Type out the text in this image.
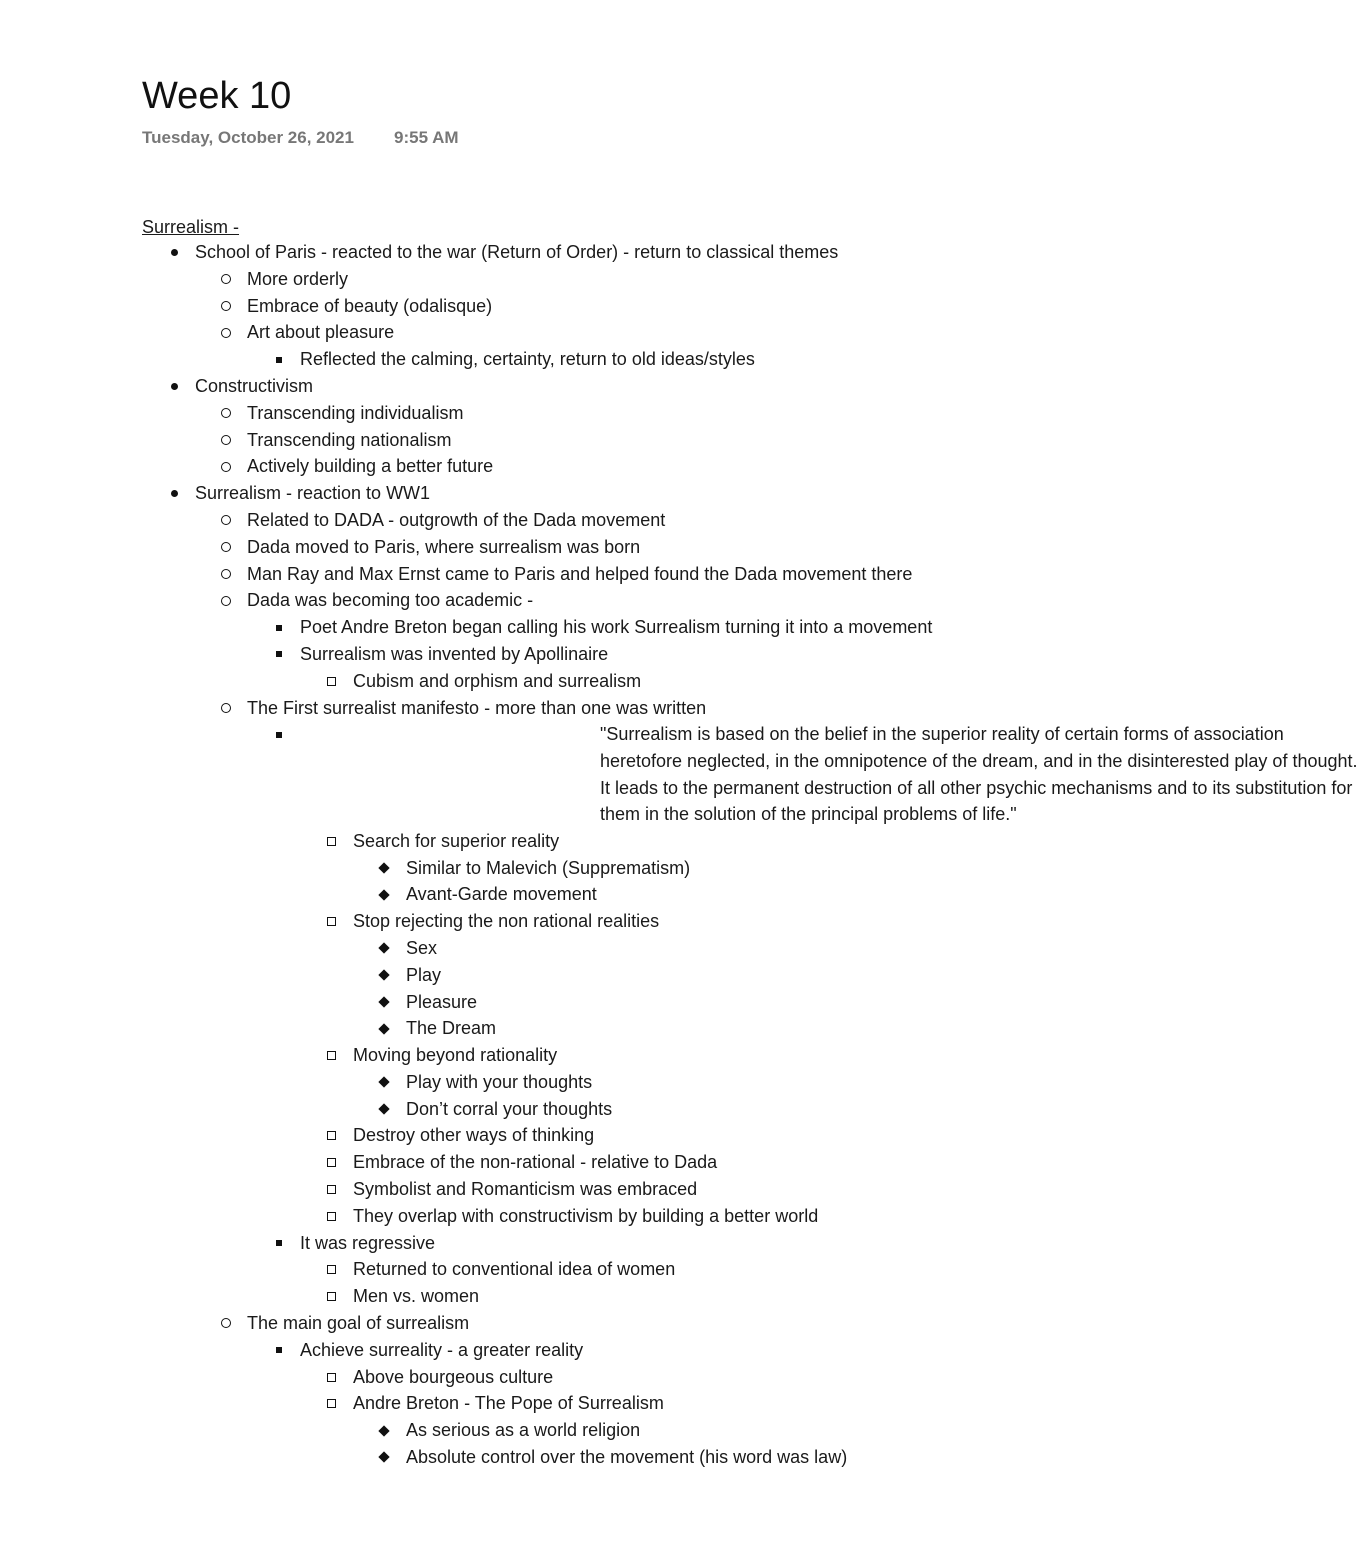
Week 10
Tuesday, October 26, 2021 9:55 AM
Surrealism -
School of Paris - reacted to the war (Return of Order) - return to classical themes
More orderly
Embrace of beauty (odalisque)
Art about pleasure
Reflected the calming, certainty, return to old ideas/styles
Constructivism
Transcending individualism
Transcending nationalism
Actively building a better future
Surrealism - reaction to WW1
Related to DADA - outgrowth of the Dada movement
Dada moved to Paris, where surrealism was born
Man Ray and Max Ernst came to Paris and helped found the Dada movement there
Dada was becoming too academic -
Poet Andre Breton began calling his work Surrealism turning it into a movement
Surrealism was invented by Apollinaire
Cubism and orphism and surrealism
The First surrealist manifesto - more than one was written
"Surrealism is based on the belief in the superior reality of certain forms of association heretofore neglected, in the omnipotence of the dream, and in the disinterested play of thought. It leads to the permanent destruction of all other psychic mechanisms and to its substitution for them in the solution of the principal problems of life."
Search for superior reality
Similar to Malevich (Supprematism)
Avant-Garde movement
Stop rejecting the non rational realities
Sex
Play
Pleasure
The Dream
Moving beyond rationality
Play with your thoughts
Don’t corral your thoughts
Destroy other ways of thinking
Embrace of the non-rational - relative to Dada
Symbolist and Romanticism was embraced
They overlap with constructivism by building a better world
It was regressive
Returned to conventional idea of women
Men vs. women
The main goal of surrealism
Achieve surreality - a greater reality
Above bourgeous culture
Andre Breton - The Pope of Surrealism
As serious as a world religion
Absolute control over the movement (his word was law)
